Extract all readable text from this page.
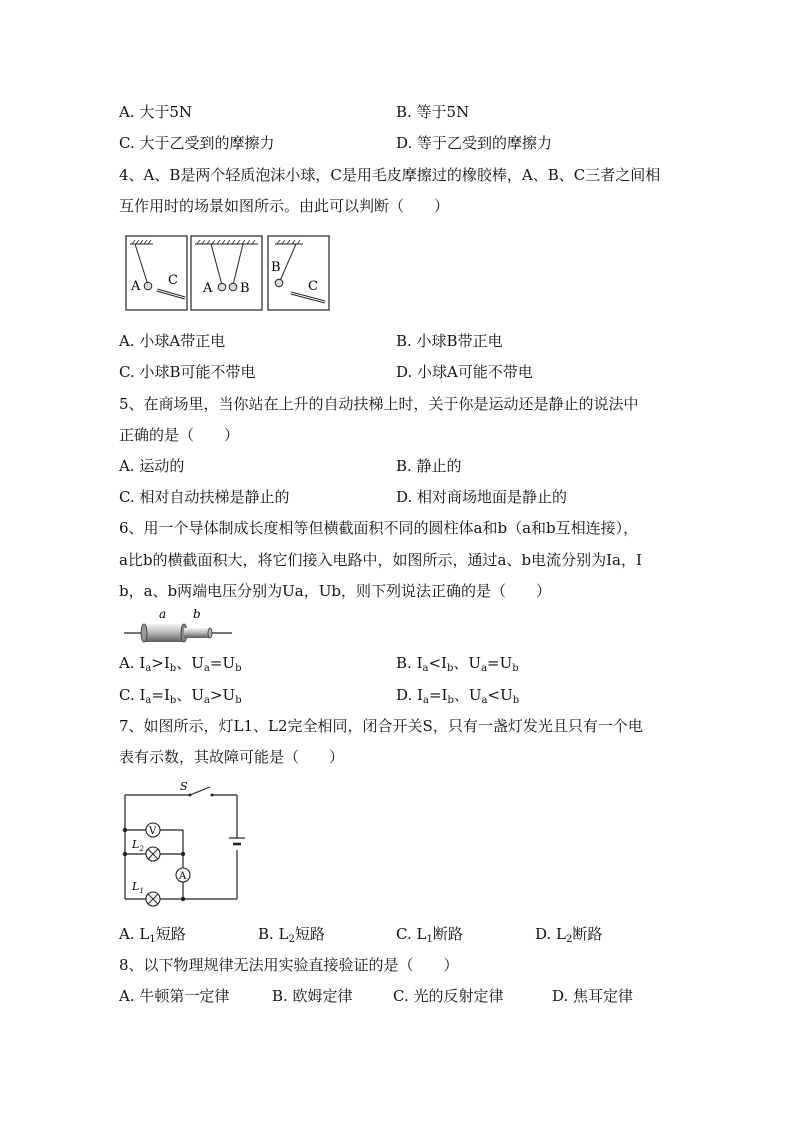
A. 大于5N	B. 等于5N
C. 大于乙受到的摩擦力	D. 等于乙受到的摩擦力
4、A、B是两个轻质泡沫小球，C是用毛皮摩擦过的橡胶棒，A、B、C三者之间相
互作用时的场景如图所示。由此可以判断（　　）
A C
A B
B
C
A. 小球A带正电	B. 小球B带正电
C. 小球B可能不带电	D. 小球A可能不带电
5、在商场里，当你站在上升的自动扶梯上时，关于你是运动还是静止的说法中
正确的是（　　）
A. 运动的	B. 静止的
C. 相对自动扶梯是静止的	D. 相对商场地面是静止的
6、用一个导体制成长度相等但横截面积不同的圆柱体a和b（a和b互相连接），
a比b的横截面积大，将它们接入电路中，如图所示，通过a、b电流分别为Ia，I
b，a、b两端电压分别为Ua，Ub，则下列说法正确的是（　　）
a b
A. $I_a>I_b$、$U_a=U_b$	B. $I_a<I_b$、$U_a=U_b$
C. $I_a=I_b$、$U_a>U_b$	D. $I_a=I_b$、$U_a<U_b$
7、如图所示，灯L1、L2完全相同，闭合开关S，只有一盏灯发光且只有一个电
表有示数，其故障可能是（　　）
V
A
S
$L_2$
$L_1$
A. $L_1$短路	B. $L_2$短路	C. $L_1$断路	D. $L_2$断路
8、以下物理规律无法用实验直接验证的是（　　）
A. 牛顿第一定律	B. 欧姆定律	C. 光的反射定律	D. 焦耳定律
